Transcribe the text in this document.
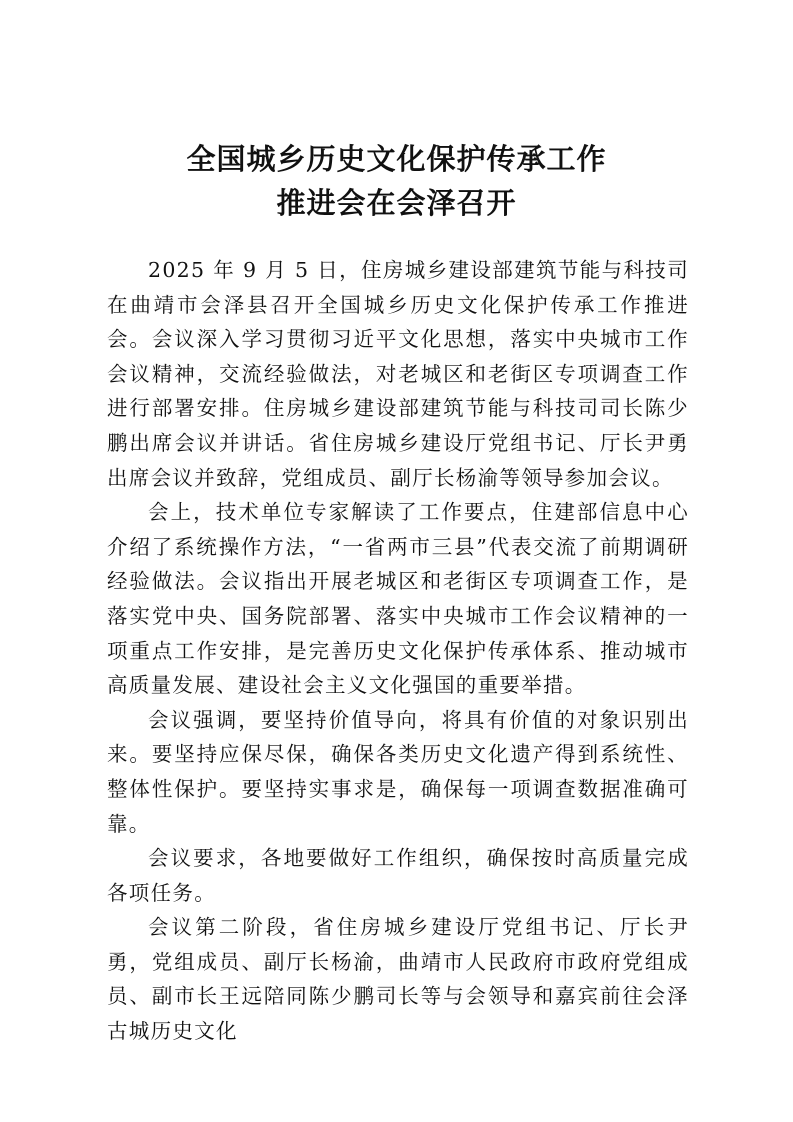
全国城乡历史文化保护传承工作
推进会在会泽召开

2025 年 9 月 5 日，住房城乡建设部建筑节能与科技司在曲靖市会泽县召开全国城乡历史文化保护传承工作推进会。会议深入学习贯彻习近平文化思想，落实中央城市工作会议精神，交流经验做法，对老城区和老街区专项调查工作进行部署安排。住房城乡建设部建筑节能与科技司司长陈少鹏出席会议并讲话。省住房城乡建设厅党组书记、厅长尹勇出席会议并致辞，党组成员、副厅长杨渝等领导参加会议。

会上，技术单位专家解读了工作要点，住建部信息中心介绍了系统操作方法，“一省两市三县”代表交流了前期调研经验做法。会议指出开展老城区和老街区专项调查工作，是落实党中央、国务院部署、落实中央城市工作会议精神的一项重点工作安排，是完善历史文化保护传承体系、推动城市高质量发展、建设社会主义文化强国的重要举措。

会议强调，要坚持价值导向，将具有价值的对象识别出来。要坚持应保尽保，确保各类历史文化遗产得到系统性、整体性保护。要坚持实事求是，确保每一项调查数据准确可靠。

会议要求，各地要做好工作组织，确保按时高质量完成各项任务。

会议第二阶段，省住房城乡建设厅党组书记、厅长尹勇，党组成员、副厅长杨渝，曲靖市人民政府市政府党组成员、副市长王远陪同陈少鹏司长等与会领导和嘉宾前往会泽古城历史文化
